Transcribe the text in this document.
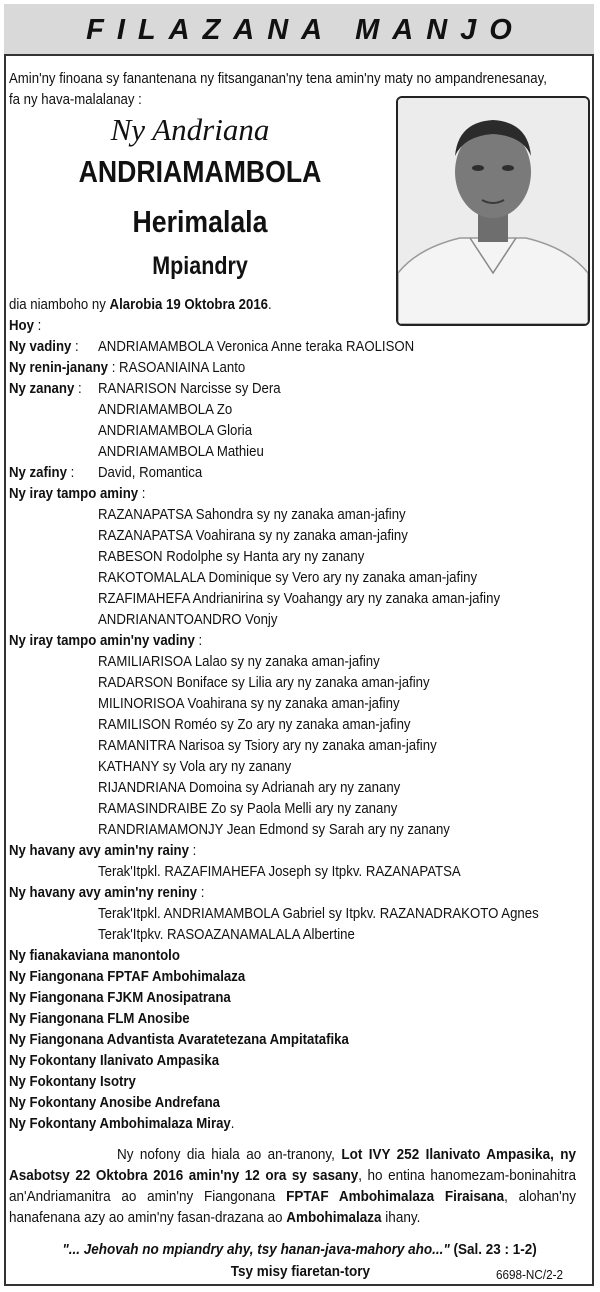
FILAZANA MANJO
Amin'ny finoana sy fanantenana ny fitsanganan'ny tena amin'ny maty no ampandrenesanay,
fa ny hava-malalanay :
Ny Andriana
ANDRIAMAMBOLA
Herimalala
Mpiandry
dia niamboho ny Alarobia 19 Oktobra 2016.
Hoy :
Ny vadiny : ANDRIAMAMBOLA Veronica Anne teraka RAOLISON
Ny renin-janany : RASOANIAINA Lanto
Ny zanany : RANARISON Narcisse sy Dera
ANDRIAMAMBOLA Zo
ANDRIAMAMBOLA Gloria
ANDRIAMAMBOLA Mathieu
Ny zafiny : David, Romantica
Ny iray tampo aminy :
RAZANAPATSA Sahondra sy ny zanaka aman-jafiny
RAZANAPATSA Voahirana sy ny zanaka aman-jafiny
RABESON Rodolphe sy Hanta ary ny zanany
RAKOTOMALALA Dominique sy Vero ary ny zanaka aman-jafiny
RZAFIMAHEFA Andrianirina sy Voahangy ary ny zanaka aman-jafiny
ANDRIANANTOANDRO Vonjy
Ny iray tampo amin'ny vadiny :
RAMILIARISOA Lalao sy ny zanaka aman-jafiny
RADARSON Boniface sy Lilia ary ny zanaka aman-jafiny
MILINORISOA Voahirana sy ny zanaka aman-jafiny
RAMILISON Roméo sy Zo ary ny zanaka aman-jafiny
RAMANITRA Narisoa sy Tsiory ary ny zanaka aman-jafiny
KATHANY sy Vola ary ny zanany
RIJANDRIANA Domoina sy Adrianah ary ny zanany
RAMASINDRAIBE Zo sy Paola Melli ary ny zanany
RANDRIAMAMONJY Jean Edmond sy Sarah ary ny zanany
Ny havany avy amin'ny rainy :
Terak'Itpkl. RAZAFIMAHEFA Joseph sy Itpkv. RAZANAPATSA
Ny havany avy amin'ny reniny :
Terak'Itpkl. ANDRIAMAMBOLA Gabriel sy Itpkv. RAZANADRAKOTO Agnes
Terak'Itpkv. RASOAZANAMALALA Albertine
Ny fianakaviana manontolo
Ny Fiangonana FPTAF Ambohimalaza
Ny Fiangonana FJKM Anosipatrana
Ny Fiangonana FLM Anosibe
Ny Fiangonana Advantista Avaratetezana Ampitatafika
Ny Fokontany Ilanivato Ampasika
Ny Fokontany Isotry
Ny Fokontany Anosibe Andrefana
Ny Fokontany Ambohimalaza Miray.
Ny nofony dia hiala ao an-tranony, Lot IVY 252 Ilanivato Ampasika, ny Asabotsy 22 Oktobra 2016 amin'ny 12 ora sy sasany, ho entina hanomezam-boninahitra an'Andriamanitra ao amin'ny Fiangonana FPTAF Ambohimalaza Firaisana, alohan'ny hanafenana azy ao amin'ny fasan-drazana ao Ambohimalaza ihany.
"... Jehovah no mpiandry ahy, tsy hanan-java-mahory aho..." (Sal. 23 : 1-2)
Tsy misy fiaretan-tory	6698-NC/2-2
